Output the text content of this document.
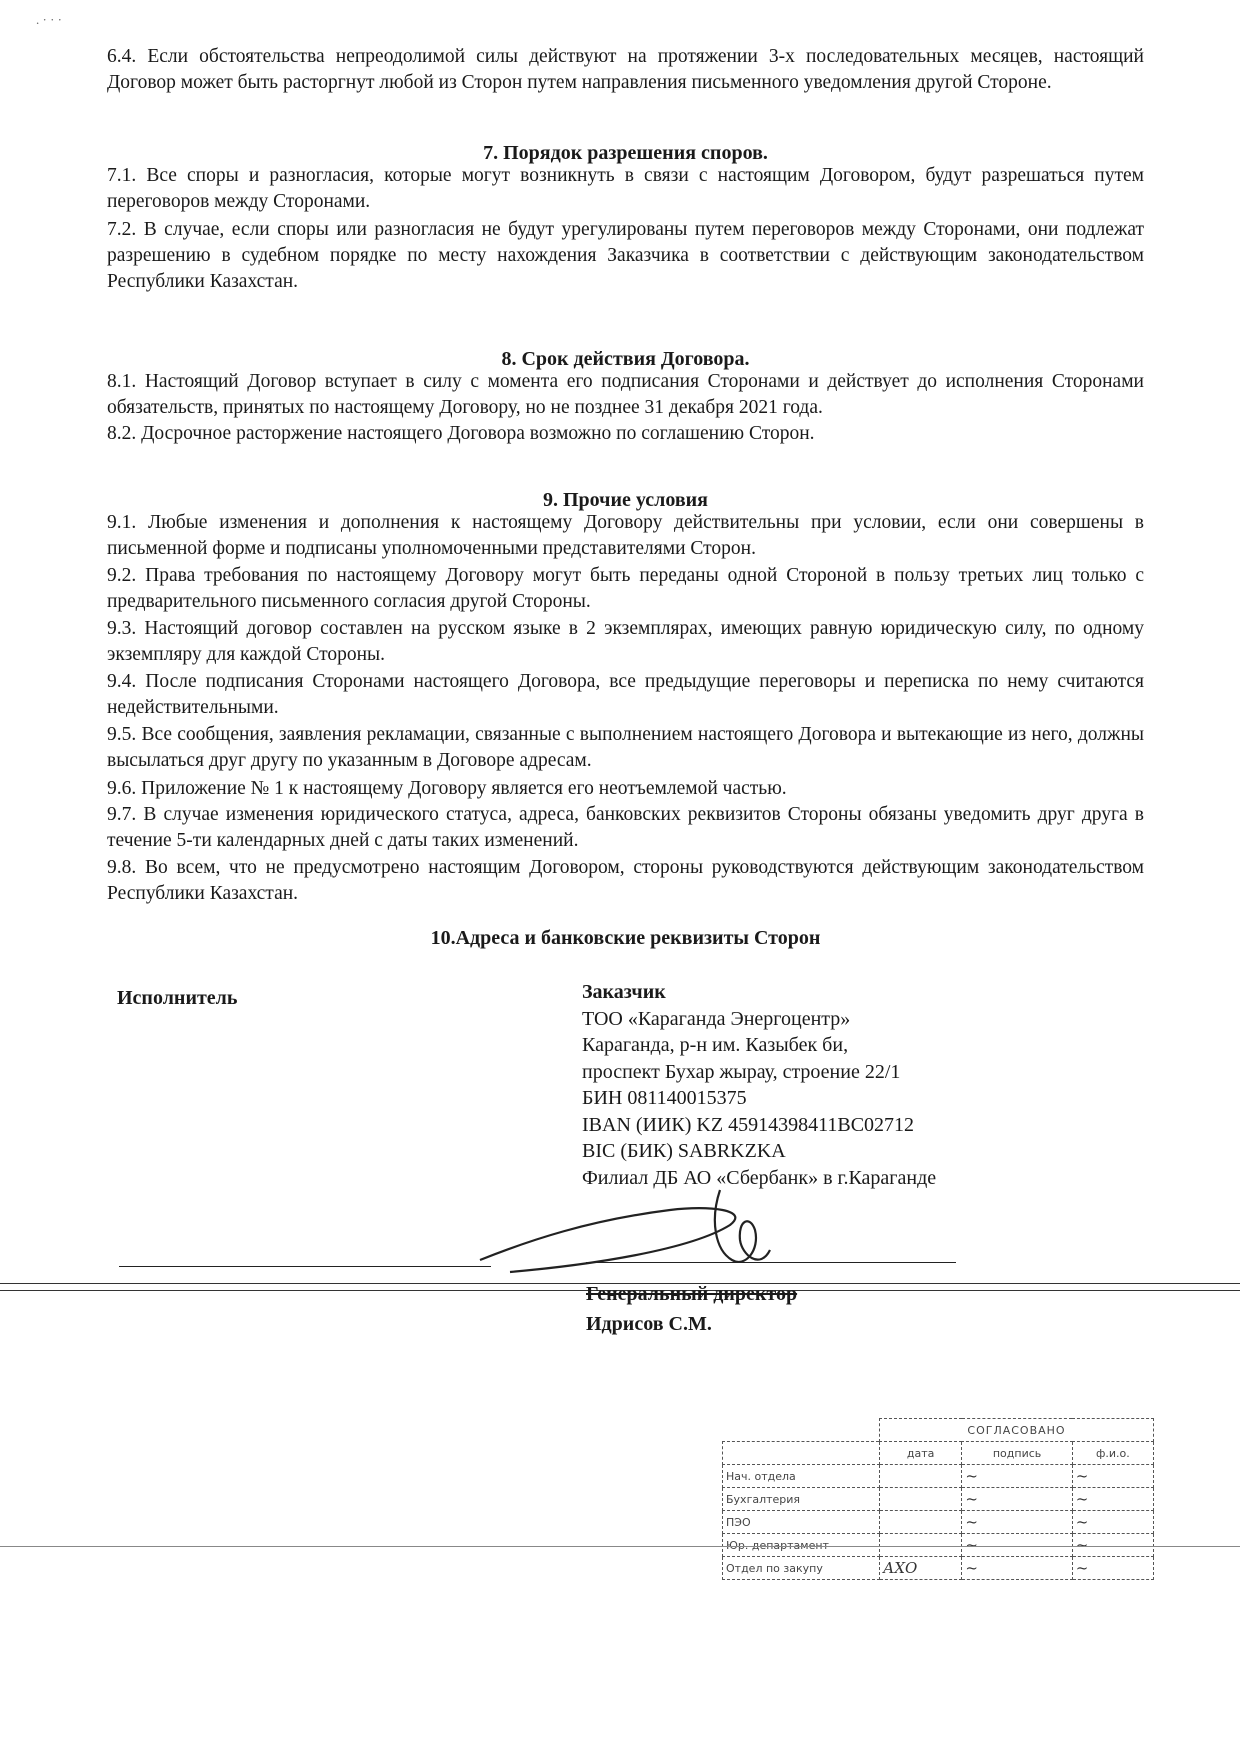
. · · ·

6.4. Если обстоятельства непреодолимой силы действуют на протяжении 3-х последовательных месяцев, настоящий Договор может быть расторгнут любой из Сторон путем направления письменного уведомления другой Стороне.

7. Порядок разрешения споров.

7.1. Все споры и разногласия, которые могут возникнуть в связи с настоящим Договором, будут разрешаться путем переговоров между Сторонами.

7.2. В случае, если споры или разногласия не будут урегулированы путем переговоров между Сторонами, они подлежат разрешению в судебном порядке по месту нахождения Заказчика в соответствии с действующим законодательством Республики Казахстан.

8. Срок действия Договора.

8.1. Настоящий Договор вступает в силу с момента его подписания Сторонами и действует до исполнения Сторонами обязательств, принятых по настоящему Договору, но не позднее 31 декабря 2021 года.

8.2. Досрочное расторжение настоящего Договора возможно по соглашению Сторон.

9. Прочие условия

9.1. Любые изменения и дополнения к настоящему Договору действительны при условии, если они совершены в письменной форме и подписаны уполномоченными представителями Сторон.

9.2. Права требования по настоящему Договору могут быть переданы одной Стороной в пользу третьих лиц только с предварительного письменного согласия другой Стороны.

9.3. Настоящий договор составлен на русском языке в 2 экземплярах, имеющих равную юридическую силу, по одному экземпляру для каждой Стороны.

9.4. После подписания Сторонами настоящего Договора, все предыдущие переговоры и переписка по нему считаются недействительными.

9.5. Все сообщения, заявления рекламации, связанные с выполнением настоящего Договора и вытекающие из него, должны высылаться друг другу по указанным в Договоре адресам.

9.6. Приложение № 1 к настоящему Договору является его неотъемлемой частью.

9.7. В случае изменения юридического статуса, адреса, банковских реквизитов Стороны обязаны уведомить друг друга в течение 5-ти календарных дней с даты таких изменений.

9.8. Во всем, что не предусмотрено настоящим Договором, стороны руководствуются действующим законодательством Республики Казахстан.

10.Адреса и банковские реквизиты Сторон

Исполнитель	Заказчик
ТОО «Караганда Энергоцентр»
Караганда, р-н им. Казыбек би,
проспект Бухар жырау, строение 22/1
БИН 081140015375
IBAN (ИИК) KZ 45914398411BC02712
BIC (БИК) SABRKZKA
Филиал ДБ АО «Сбербанк» в г.Караганде
Генеральный директор
Идрисов С.М.
	СОГЛАСОВАНО		
	дата	подпись	ф.и.о.
Нач. отдела		~	~
Бухгалтерия		~	~
ПЭО		~	~
Юр. департамент		~	~
Отдел по закупу	АХО	~	~
